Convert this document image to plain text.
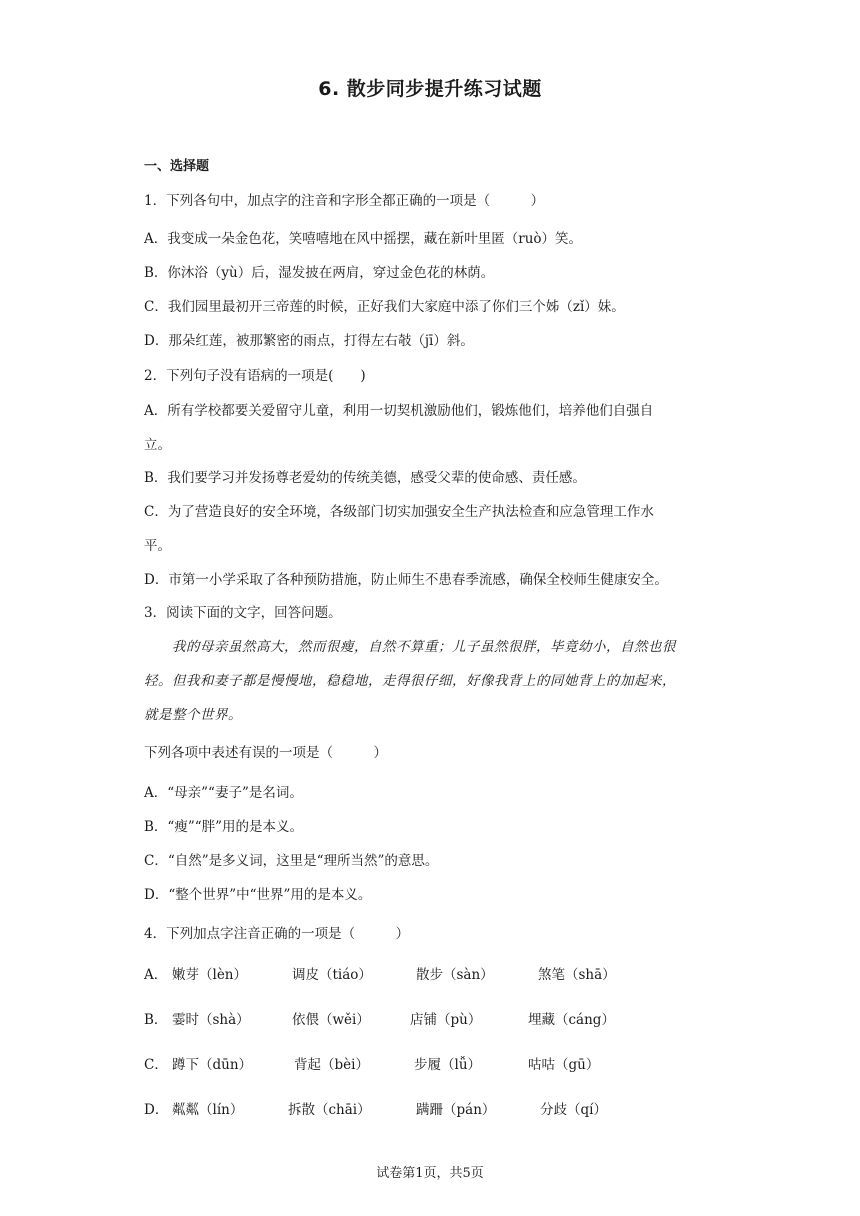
6. 散步同步提升练习试题
一、选择题
1．下列各句中，加点字的注音和字形全都正确的一项是（　　　）
A．我变成一朵金色花，笑嘻嘻地在风中摇摆，藏在新叶里匿（ruò）笑。
B．你沐浴（yù）后，湿发披在两肩，穿过金色花的林荫。
C．我们园里最初开三帝莲的时候，正好我们大家庭中添了你们三个姊（zǐ）妹。
D．那朵红莲，被那繁密的雨点，打得左右攲（jī）斜。
2．下列句子没有语病的一项是(　　)
A．所有学校都要关爱留守儿童，利用一切契机激励他们，锻炼他们，培养他们自强自
立。
B．我们要学习并发扬尊老爱幼的传统美德，感受父辈的使命感、责任感。
C．为了营造良好的安全环境，各级部门切实加强安全生产执法检查和应急管理工作水
平。
D．市第一小学采取了各种预防措施，防止师生不患春季流感，确保全校师生健康安全。
3．阅读下面的文字，回答问题。
我的母亲虽然高大，然而很瘦，自然不算重；儿子虽然很胖，毕竟幼小，自然也很
轻。但我和妻子都是慢慢地，稳稳地，走得很仔细，好像我背上的同她背上的加起来，
就是整个世界。
下列各项中表述有误的一项是（　　　）
A．“母亲”“妻子”是名词。
B．“瘦”“胖”用的是本义。
C．“自然”是多义词，这里是“理所当然”的意思。
D．“整个世界”中“世界”用的是本义。
4．下列加点字注音正确的一项是（　　　）
A． 嫩芽（lèn）	调皮（tiáo）	散步（sàn）	煞笔（shā）
B． 霎时（shà）	依偎（wěi）	店铺（pù）	埋藏（cáng）
C． 蹲下（dūn）	背起（bèi）	步履（lǚ）	咕咕（gū）
D． 粼粼（lín）	拆散（chāi）	蹒跚（pán）	分歧（qí）
试卷第1页，共5页
